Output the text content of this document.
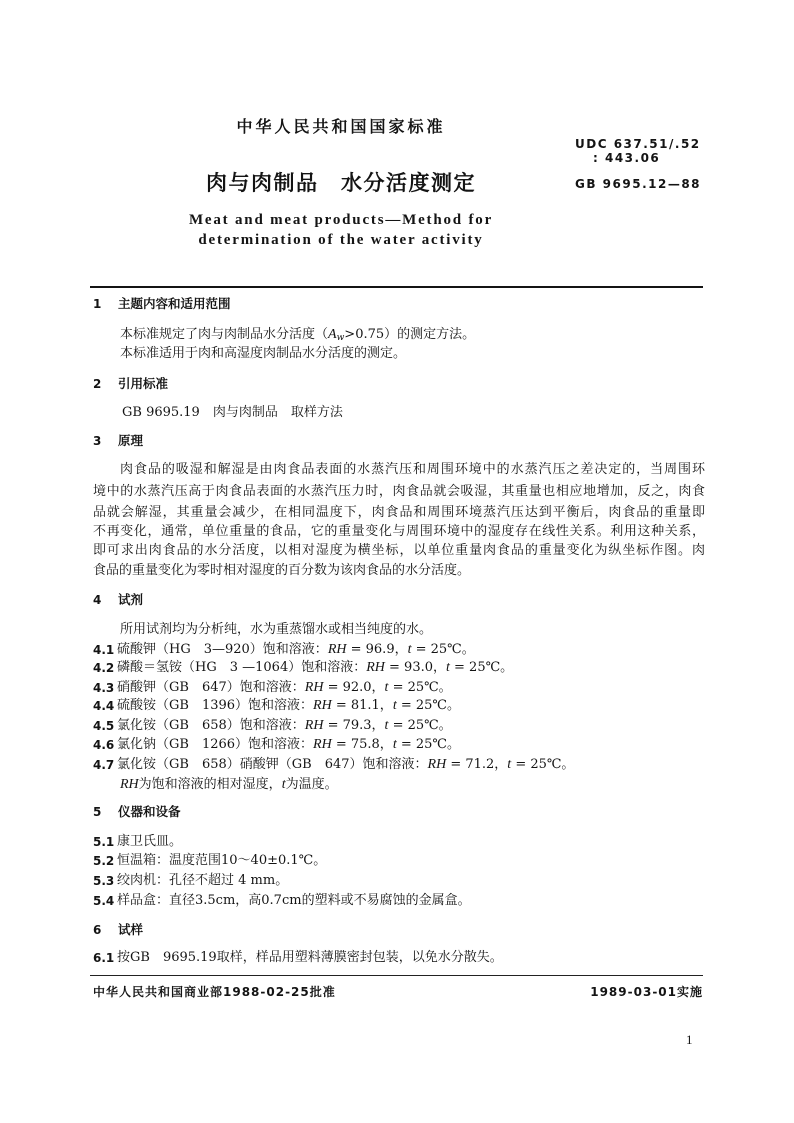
中华人民共和国国家标准
UDC 637.51/.52
: 443.06
肉与肉制品　水分活度测定	GB 9695.12—88
Meat and meat products—Method for
determination of the water activity
1 主题内容和适用范围
本标准规定了肉与肉制品水分活度$(A_w>0.75)$的测定方法。
本标准适用于肉和高湿度肉制品水分活度的测定。
2 引用标准
GB 9695.19　肉与肉制品　取样方法
3 原理
肉食品的吸湿和解湿是由肉食品表面的水蒸汽压和周围环境中的水蒸汽压之差决定的，当周围环
境中的水蒸汽压高于肉食品表面的水蒸汽压力时，肉食品就会吸湿，其重量也相应地增加，反之，肉食
品就会解湿，其重量会减少，在相同温度下，肉食品和周围环境蒸汽压达到平衡后，肉食品的重量即
不再变化，通常，单位重量的食品，它的重量变化与周围环境中的湿度存在线性关系。利用这种关系，
即可求出肉食品的水分活度，以相对湿度为横坐标，以单位重量肉食品的重量变化为纵坐标作图。肉
食品的重量变化为零时相对湿度的百分数为该肉食品的水分活度。
4 试剂
所用试剂均为分析纯，水为重蒸馏水或相当纯度的水。
4.1 硫酸钾（HG　3—920）饱和溶液：RH = 96.9，t = 25℃。
4.2 磷酸＝氢铵（HG　3 —1064）饱和溶液：RH = 93.0，t = 25℃。
4.3 硝酸钾（GB　647）饱和溶液：RH = 92.0，t = 25℃。
4.4 硫酸铵（GB　1396）饱和溶液：RH = 81.1，t = 25℃。
4.5 氯化铵（GB　658）饱和溶液：RH = 79.3，t = 25℃。
4.6 氯化钠（GB　1266）饱和溶液：RH = 75.8，t = 25℃。
4.7 氯化铵（GB　658）硝酸钾（GB　647）饱和溶液：RH = 71.2，t = 25℃。
RH为饱和溶液的相对湿度，t为温度。
5 仪器和设备
5.1 康卫氏皿。
5.2 恒温箱：温度范围10～40±0.1℃。
5.3 绞肉机：孔径不超过 4 mm。
5.4 样品盒：直径3.5cm，高0.7cm的塑料或不易腐蚀的金属盒。
6 试样
6.1 按GB　9695.19取样，样品用塑料薄膜密封包装，以免水分散失。
中华人民共和国商业部1988-02-25批准	1989-03-01实施
1
